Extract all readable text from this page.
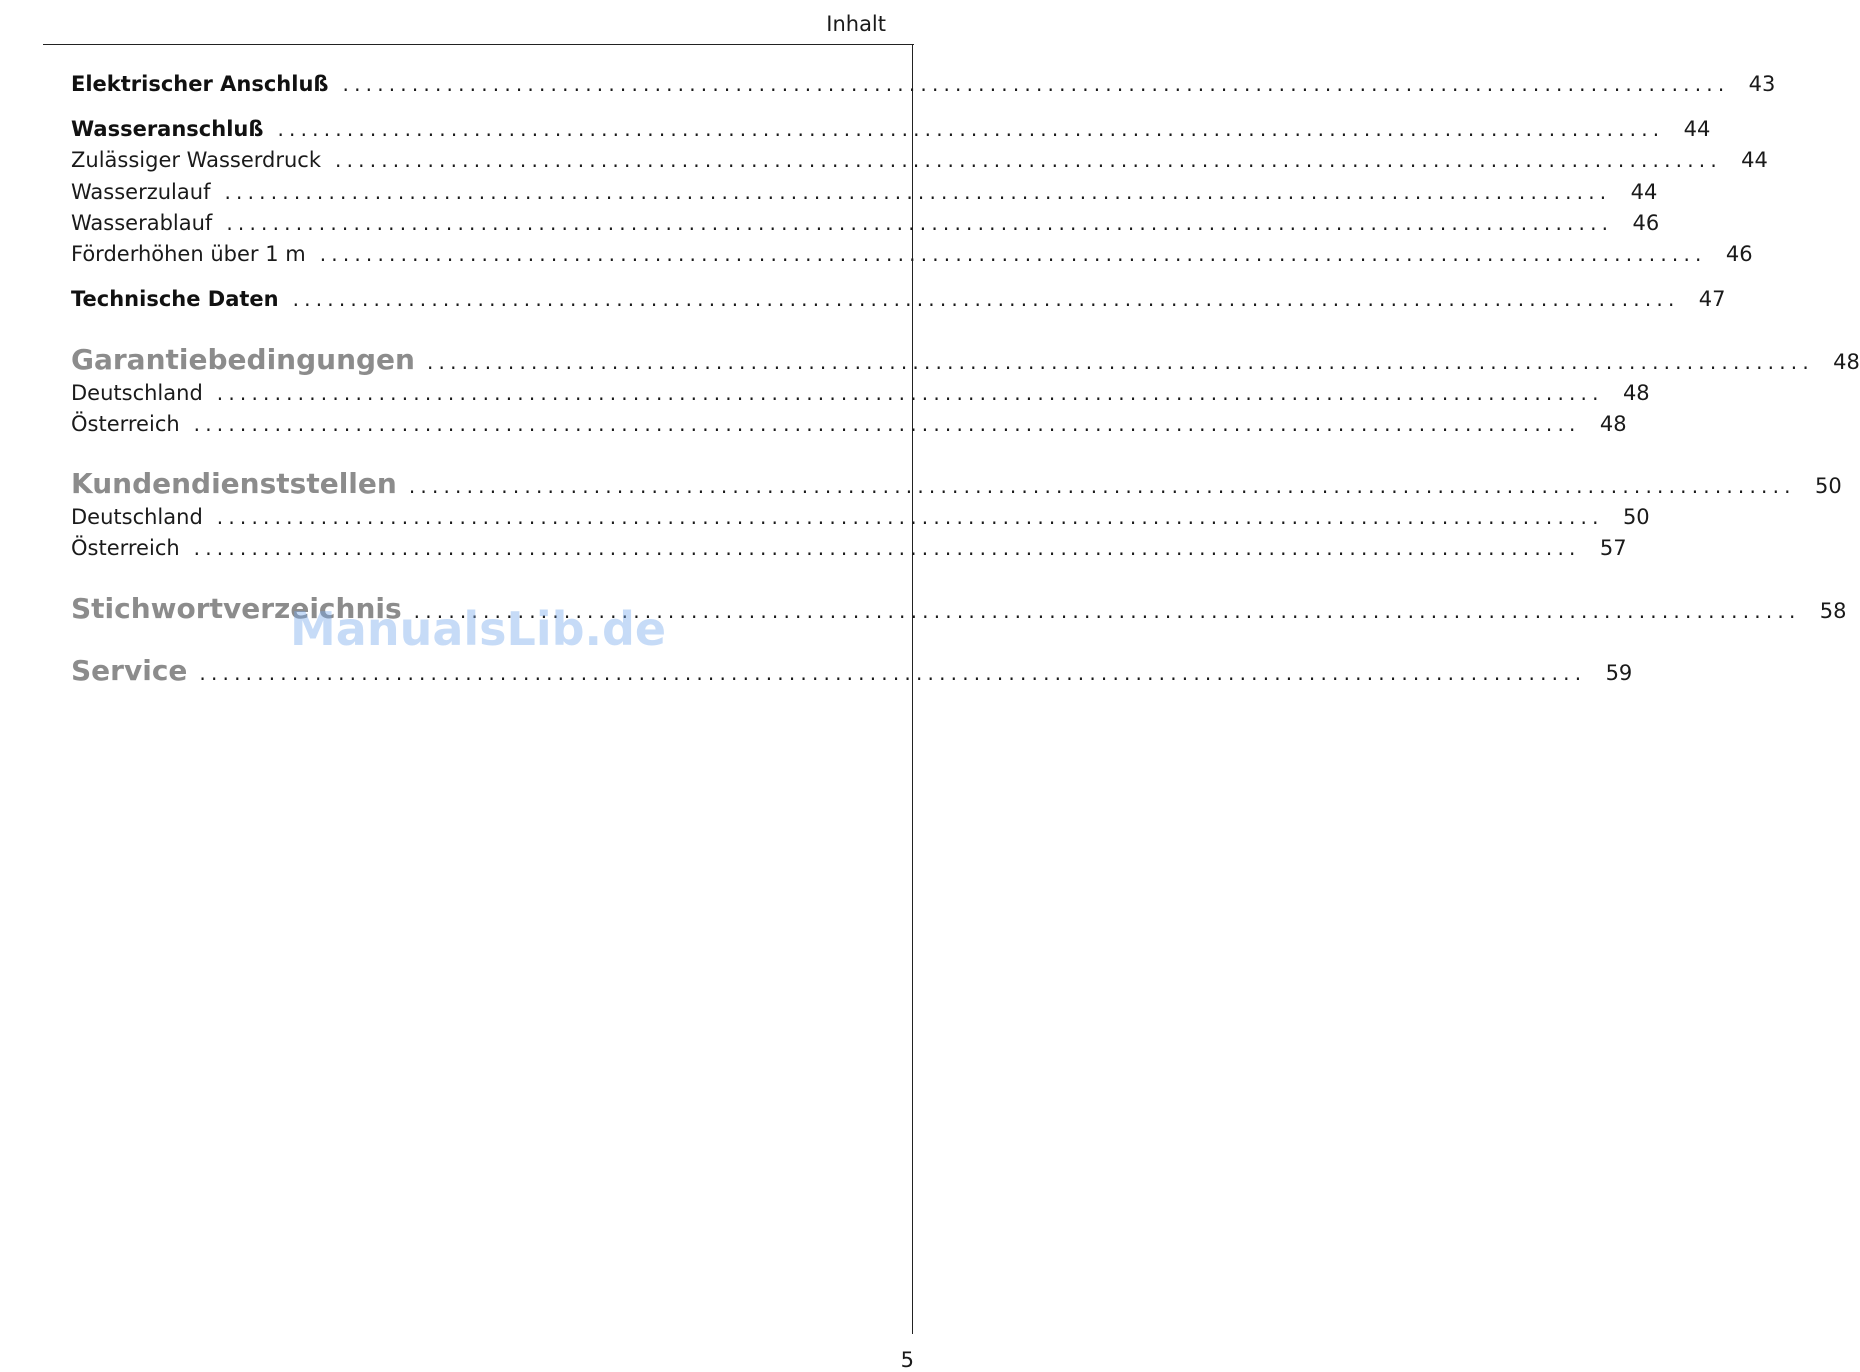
Inhalt
Elektrischer Anschluß ........................................................................................................................ 43
Wasseranschluß ........................................................................................................................ 44
Zulässiger Wasserdruck ........................................................................................................................ 44
Wasserzulauf ........................................................................................................................ 44
Wasserablauf ........................................................................................................................ 46
Förderhöhen über 1 m ........................................................................................................................ 46
Technische Daten ........................................................................................................................ 47
Garantiebedingungen ........................................................................................................................ 48
Deutschland ........................................................................................................................ 48
Österreich ........................................................................................................................ 48
Kundendienststellen ........................................................................................................................ 50
Deutschland ........................................................................................................................ 50
Österreich ........................................................................................................................ 57
Stichwortverzeichnis ........................................................................................................................ 58
Service ........................................................................................................................ 59
ManualsLib.de
5
